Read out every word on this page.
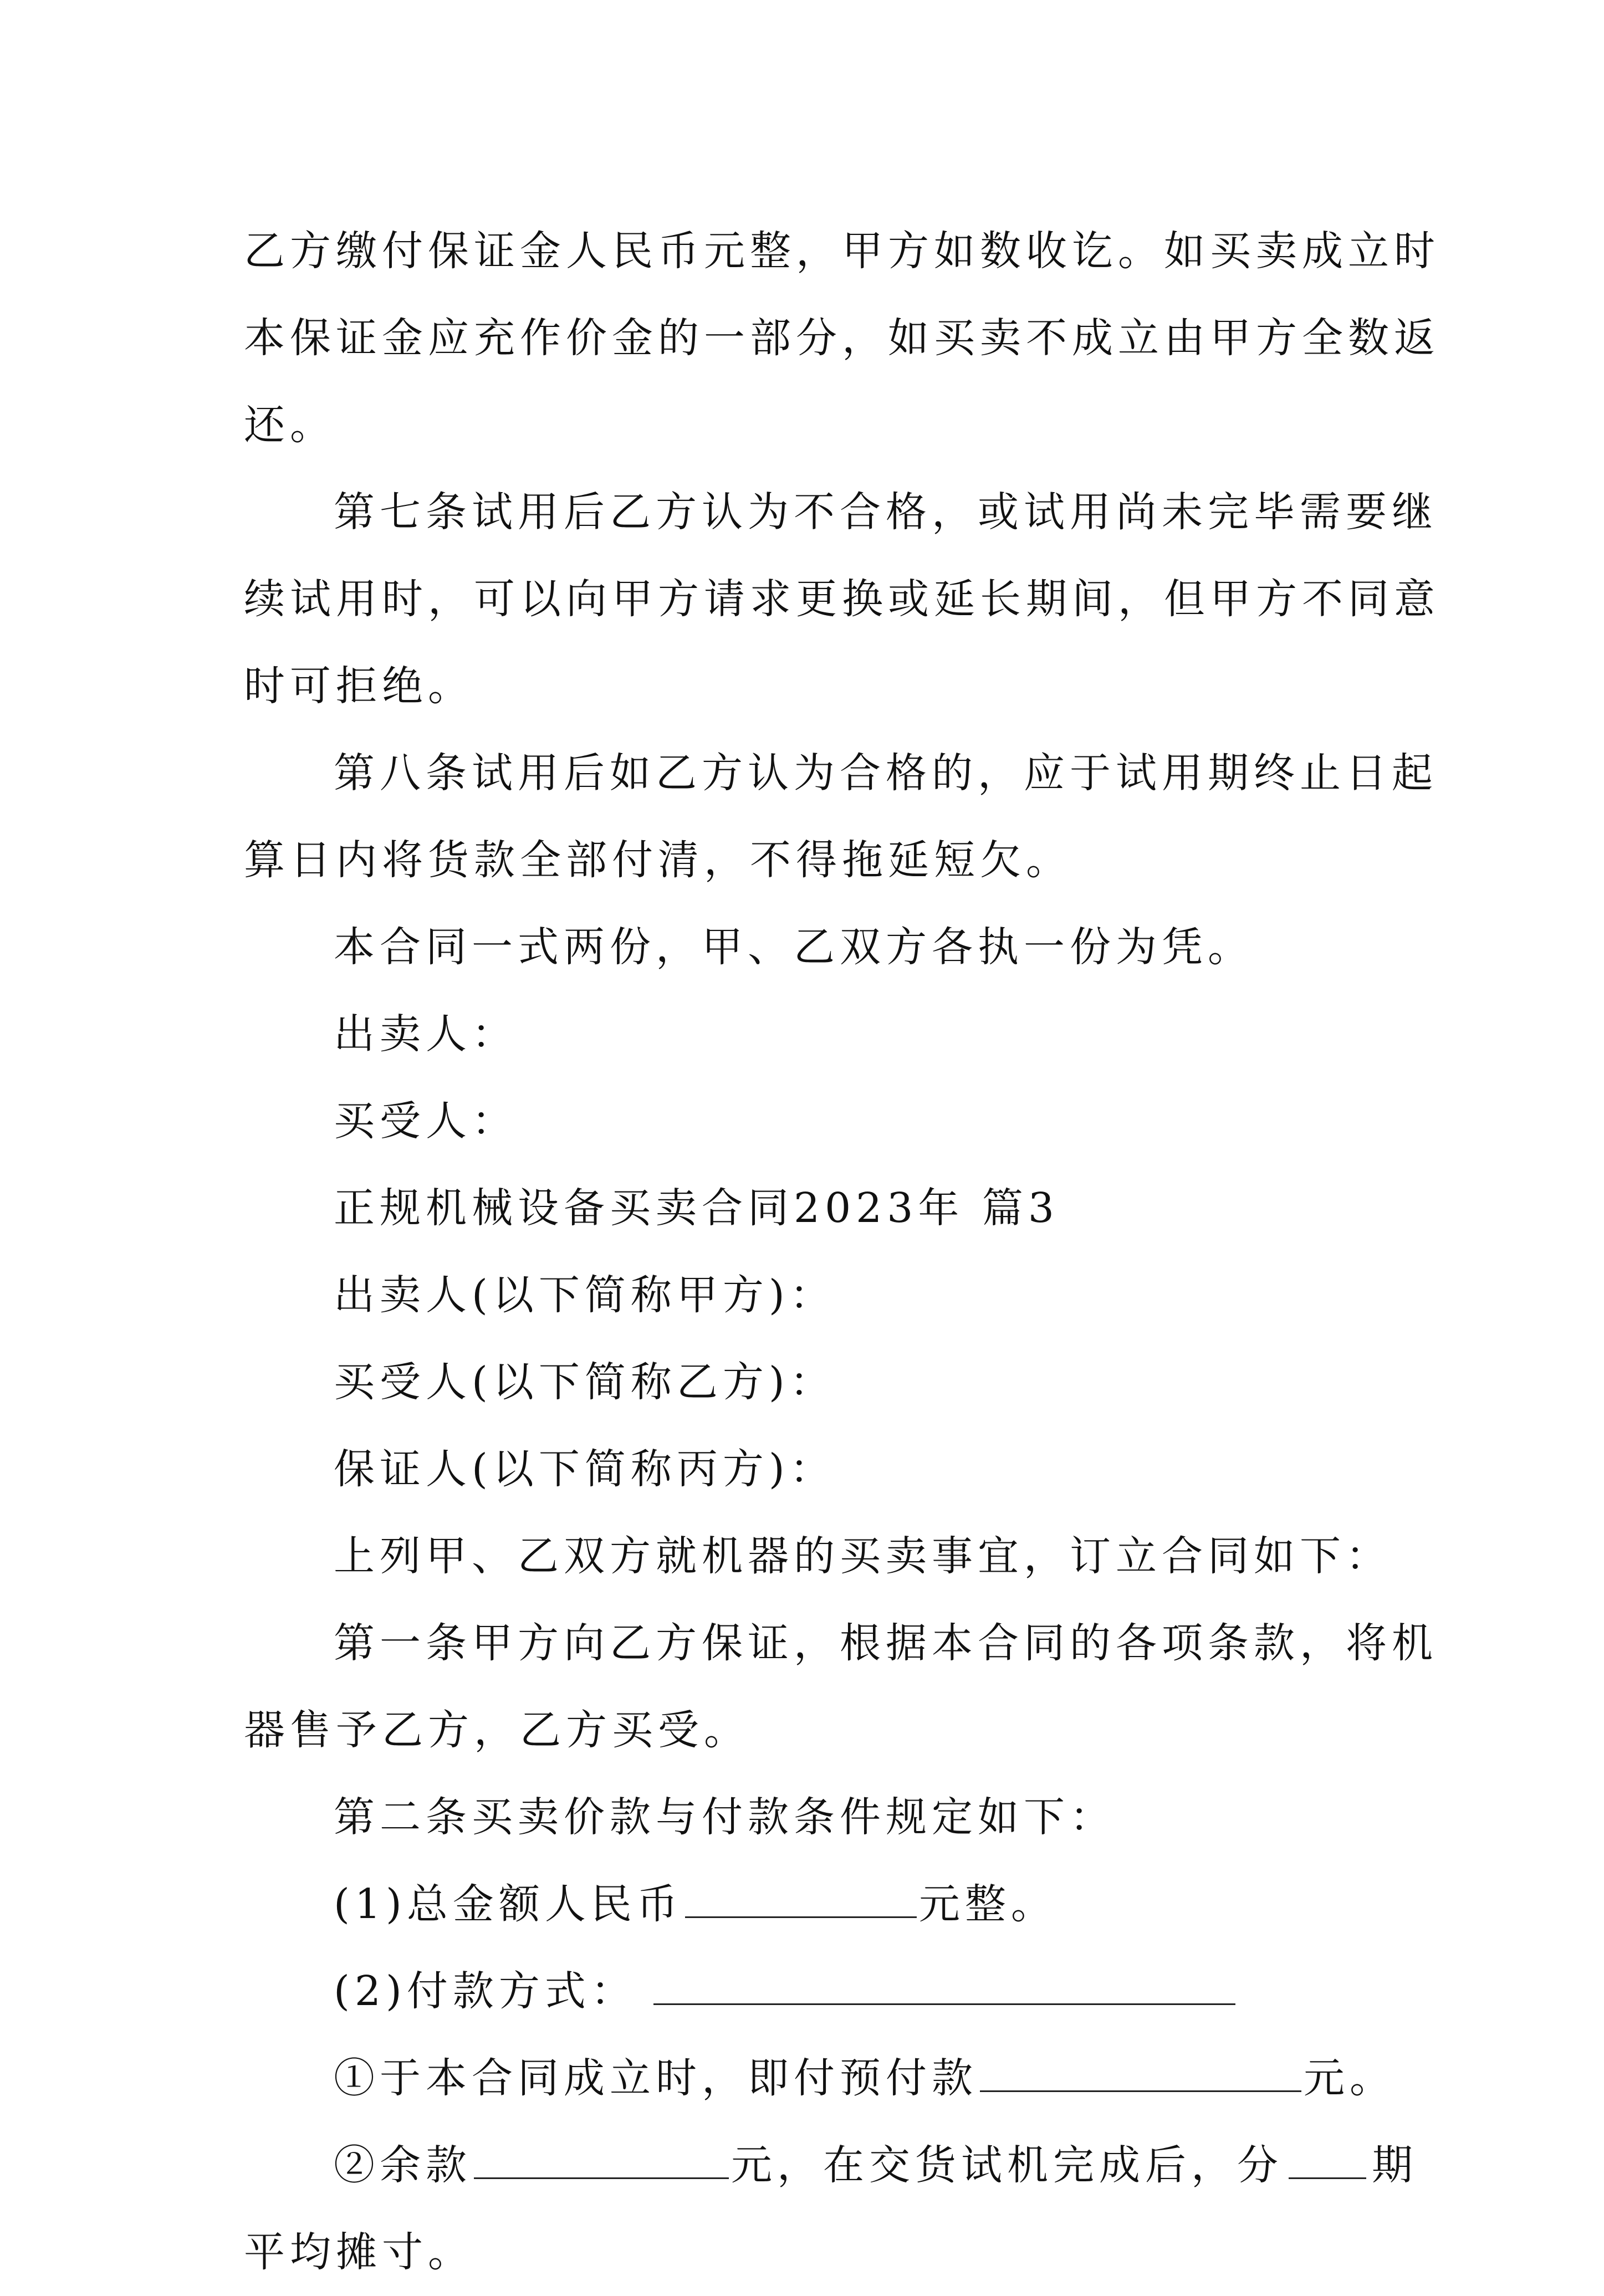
乙方缴付保证金人民币元整，甲方如数收讫。如买卖成立时

本保证金应充作价金的一部分，如买卖不成立由甲方全数返

还。

第七条试用后乙方认为不合格，或试用尚未完毕需要继

续试用时，可以向甲方请求更换或延长期间，但甲方不同意

时可拒绝。

第八条试用后如乙方认为合格的，应于试用期终止日起

算日内将货款全部付清，不得拖延短欠。

本合同一式两份，甲、乙双方各执一份为凭。

出卖人：

买受人：

正规机械设备买卖合同2023年 篇3

出卖人(以下简称甲方)：

买受人(以下简称乙方)：

保证人(以下简称丙方)：

上列甲、乙双方就机器的买卖事宜，订立合同如下：

第一条甲方向乙方保证，根据本合同的各项条款，将机

器售予乙方，乙方买受。

第二条买卖价款与付款条件规定如下：

(1)总金额人民币	元整。

(2)付款方式：

①于本合同成立时，即付预付款	元。

②余款	元，在交货试机完成后，分 期

平均摊寸。
